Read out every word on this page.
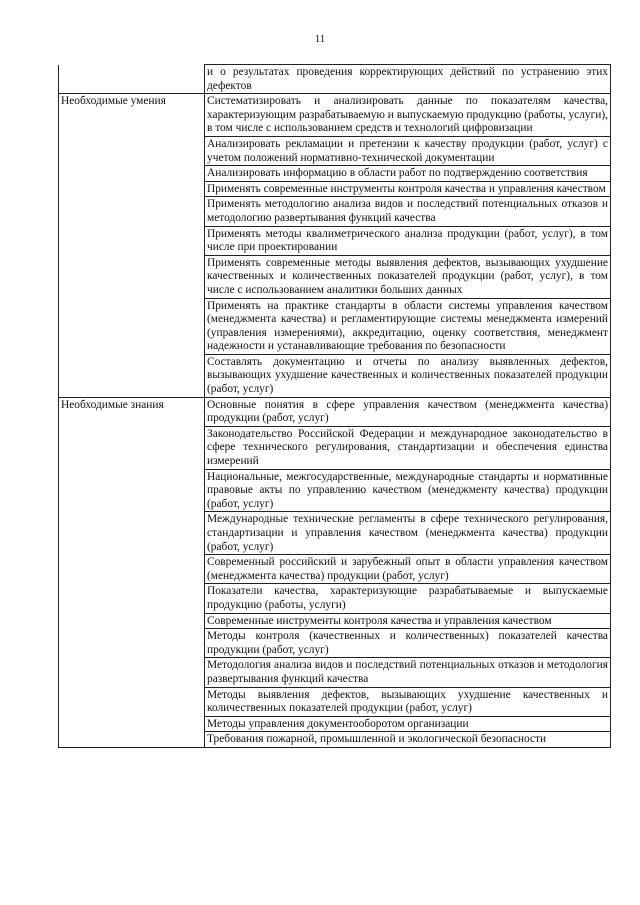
11
	и о результатах проведения корректирующих действий по устранению этих дефектов
Необходимые умения	Систематизировать и анализировать данные по показателям качества, характеризующим разрабатываемую и выпускаемую продукцию (работы, услуги), в том числе с использованием средств и технологий цифровизации
	Анализировать рекламации и претензии к качеству продукции (работ, услуг) с учетом положений нормативно-технической документации
	Анализировать информацию в области работ по подтверждению соответствия
	Применять современные инструменты контроля качества и управления качеством
	Применять методологию анализа видов и последствий потенциальных отказов и методологию развертывания функций качества
	Применять методы квалиметрического анализа продукции (работ, услуг), в том числе при проектировании
	Применять современные методы выявления дефектов, вызывающих ухудшение качественных и количественных показателей продукции (работ, услуг), в том числе с использованием аналитики больших данных
	Применять на практике стандарты в области системы управления качеством (менеджмента качества) и регламентирующие системы менеджмента измерений (управления измерениями), аккредитацию, оценку соответствия, менеджмент надежности и устанавливающие требования по безопасности
	Составлять документацию и отчеты по анализу выявленных дефектов, вызывающих ухудшение качественных и количественных показателей продукции (работ, услуг)
Необходимые знания	Основные понятия в сфере управления качеством (менеджмента качества) продукции (работ, услуг)
	Законодательство Российской Федерации и международное законодательство в сфере технического регулирования, стандартизации и обеспечения единства измерений
	Национальные, межгосударственные, международные стандарты и нормативные правовые акты по управлению качеством (менеджменту качества) продукции (работ, услуг)
	Международные технические регламенты в сфере технического регулирования, стандартизации и управления качеством (менеджмента качества) продукции (работ, услуг)
	Современный российский и зарубежный опыт в области управления качеством (менеджмента качества) продукции (работ, услуг)
	Показатели качества, характеризующие разрабатываемые и выпускаемые продукцию (работы, услуги)
	Современные инструменты контроля качества и управления качеством
	Методы контроля (качественных и количественных) показателей качества продукции (работ, услуг)
	Методология анализа видов и последствий потенциальных отказов и методология развертывания функций качества
	Методы выявления дефектов, вызывающих ухудшение качественных и количественных показателей продукции (работ, услуг)
	Методы управления документооборотом организации
	Требования пожарной, промышленной и экологической безопасности
